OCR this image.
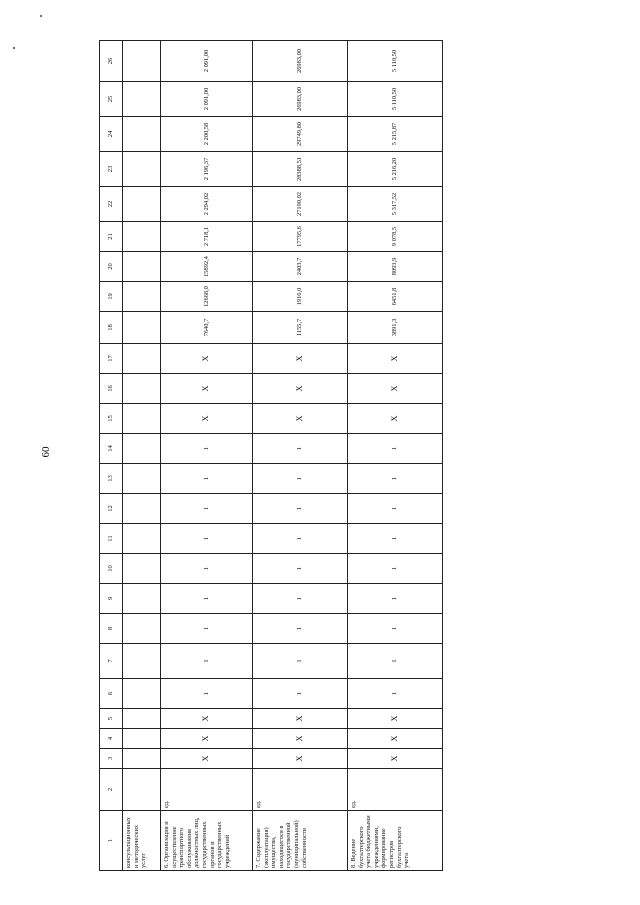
60
1	2	3	4	5	6	7	8	9	10	11	12	13	14	15	16	17	18	19	20	21	22	23	24	25	26
консультационных и методических услуг																									
6. Организация и осуществление транспортного обслуживания должностных лиц, государственных органов и государственных учреждений	ед.	X	X	X	1	1	1	1	1	1	1	1	1	X	X	X	7640,7	12668,0	15892,4	2 718,1	2 294,02	2 196,37	2 200,58	2 091,00	2 091,00
7. Содержание (эксплуатация) имущества, находящегося в государственной (муниципальной) собственности	ед.	X	X	X	1	1	1	1	1	1	1	1	1	X	X	X	1155,7	1916,0	2403,7	17795,6	27190,02	28388,51	29749,80	26983,00	26983,00
8. Ведение бухгалтерского учета бюджетными учреждениями, формирование регистров бухгалтерского учета	ед.	X	X	X	1	1	1	1	1	1	1	1	1	X	X	X	3891,3	6451,8	8093,9	9 078,5	5 317,52	5 216,20	5 215,87	5 110,50	5 110,50
